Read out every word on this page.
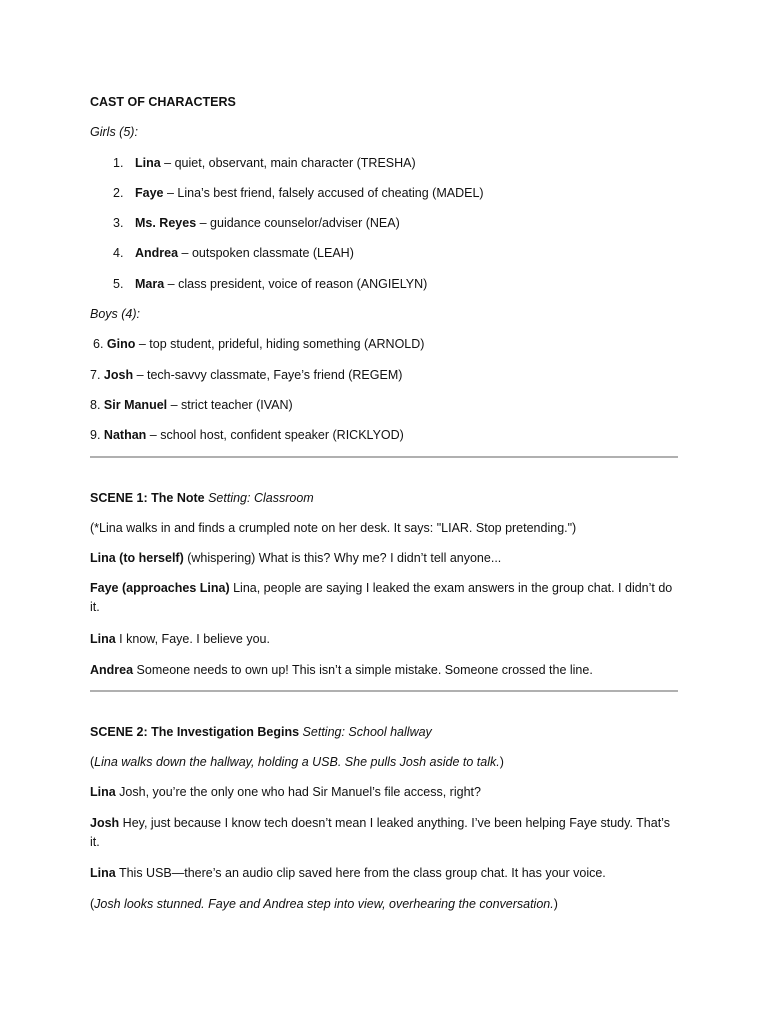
CAST OF CHARACTERS
Girls (5):
1. Lina – quiet, observant, main character (TRESHA)
2. Faye – Lina’s best friend, falsely accused of cheating (MADEL)
3. Ms. Reyes – guidance counselor/adviser (NEA)
4. Andrea – outspoken classmate (LEAH)
5. Mara – class president, voice of reason (ANGIELYN)
Boys (4):
6. Gino – top student, prideful, hiding something (ARNOLD)
7. Josh – tech-savvy classmate, Faye’s friend (REGEM)
8. Sir Manuel – strict teacher (IVAN)
9. Nathan – school host, confident speaker (RICKLYOD)
SCENE 1: The Note Setting: Classroom
(*Lina walks in and finds a crumpled note on her desk. It says: "LIAR. Stop pretending.")
Lina (to herself) (whispering) What is this? Why me? I didn’t tell anyone...
Faye (approaches Lina) Lina, people are saying I leaked the exam answers in the group chat. I didn’t do it.
Lina I know, Faye. I believe you.
Andrea Someone needs to own up! This isn’t a simple mistake. Someone crossed the line.
SCENE 2: The Investigation Begins Setting: School hallway
(Lina walks down the hallway, holding a USB. She pulls Josh aside to talk.)
Lina Josh, you’re the only one who had Sir Manuel’s file access, right?
Josh Hey, just because I know tech doesn’t mean I leaked anything. I’ve been helping Faye study. That’s it.
Lina This USB—there’s an audio clip saved here from the class group chat. It has your voice.
(Josh looks stunned. Faye and Andrea step into view, overhearing the conversation.)
